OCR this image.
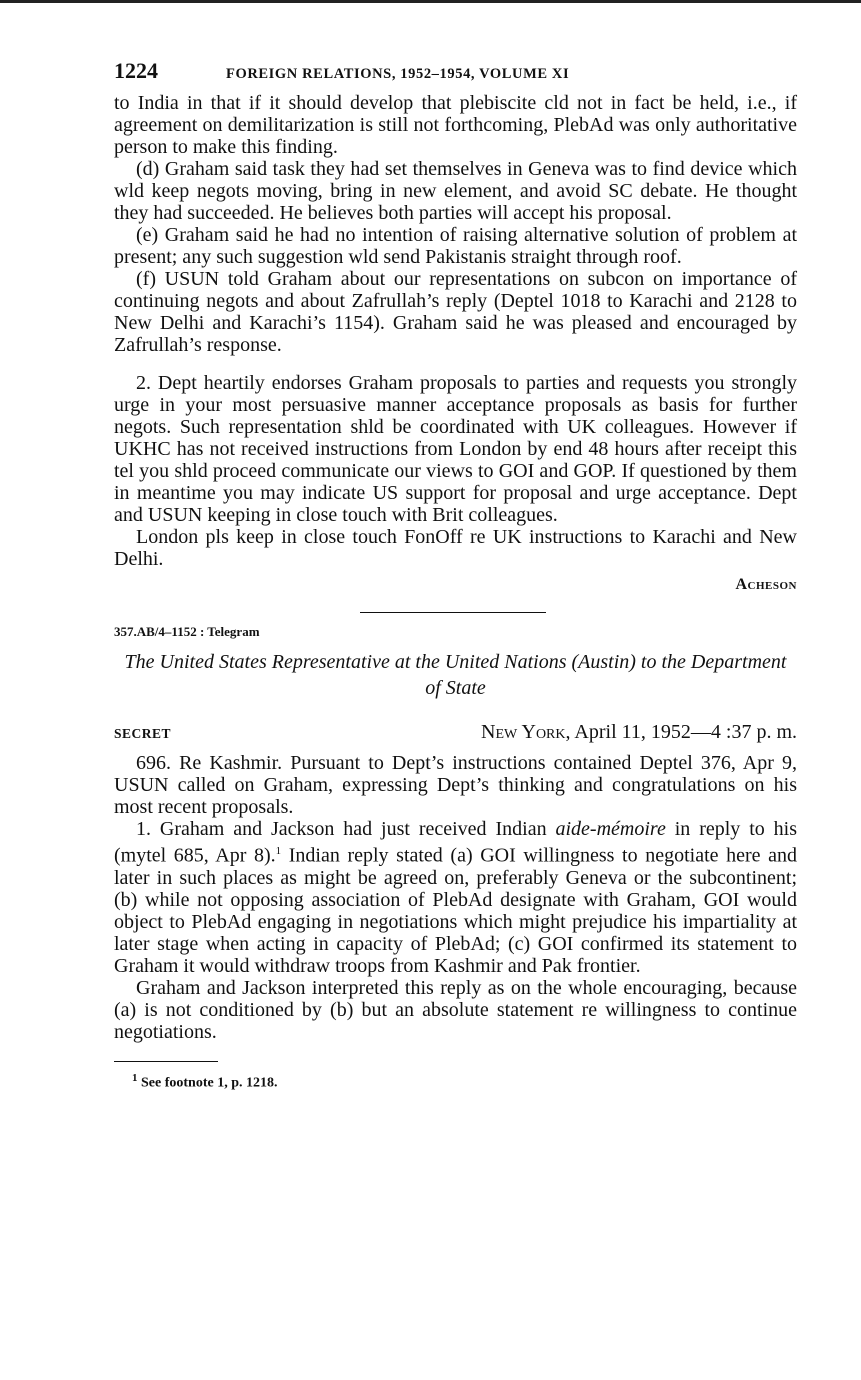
1224	FOREIGN RELATIONS, 1952–1954, VOLUME XI

to India in that if it should develop that plebiscite cld not in fact be held, i.e., if agreement on demilitarization is still not forthcoming, PlebAd was only authoritative person to make this finding.

(d) Graham said task they had set themselves in Geneva was to find device which wld keep negots moving, bring in new element, and avoid SC debate. He thought they had succeeded. He believes both parties will accept his proposal.

(e) Graham said he had no intention of raising alternative solution of problem at present; any such suggestion wld send Pakistanis straight through roof.

(f) USUN told Graham about our representations on subcon on importance of continuing negots and about Zafrullah’s reply (Deptel 1018 to Karachi and 2128 to New Delhi and Karachi’s 1154). Graham said he was pleased and encouraged by Zafrullah’s response.

2. Dept heartily endorses Graham proposals to parties and requests you strongly urge in your most persuasive manner acceptance proposals as basis for further negots. Such representation shld be coordinated with UK colleagues. However if UKHC has not received instructions from London by end 48 hours after receipt this tel you shld proceed communicate our views to GOI and GOP. If questioned by them in meantime you may indicate US support for proposal and urge acceptance. Dept and USUN keeping in close touch with Brit colleagues.

London pls keep in close touch FonOff re UK instructions to Karachi and New Delhi.

Acheson
357.AB/4–1152 : Telegram
The United States Representative at the United Nations (Austin) to the Department of State
SECRET	New York, April 11, 1952—4 :37 p. m.

696. Re Kashmir. Pursuant to Dept’s instructions contained Deptel 376, Apr 9, USUN called on Graham, expressing Dept’s thinking and congratulations on his most recent proposals.

1. Graham and Jackson had just received Indian aide-mémoire in reply to his (mytel 685, Apr 8).$^1$ Indian reply stated (a) GOI willingness to negotiate here and later in such places as might be agreed on, preferably Geneva or the subcontinent; (b) while not opposing association of PlebAd designate with Graham, GOI would object to PlebAd engaging in negotiations which might prejudice his impartiality at later stage when acting in capacity of PlebAd; (c) GOI confirmed its statement to Graham it would withdraw troops from Kashmir and Pak frontier.

Graham and Jackson interpreted this reply as on the whole encouraging, because (a) is not conditioned by (b) but an absolute statement re willingness to continue negotiations.

$^1$ See footnote 1, p. 1218.
